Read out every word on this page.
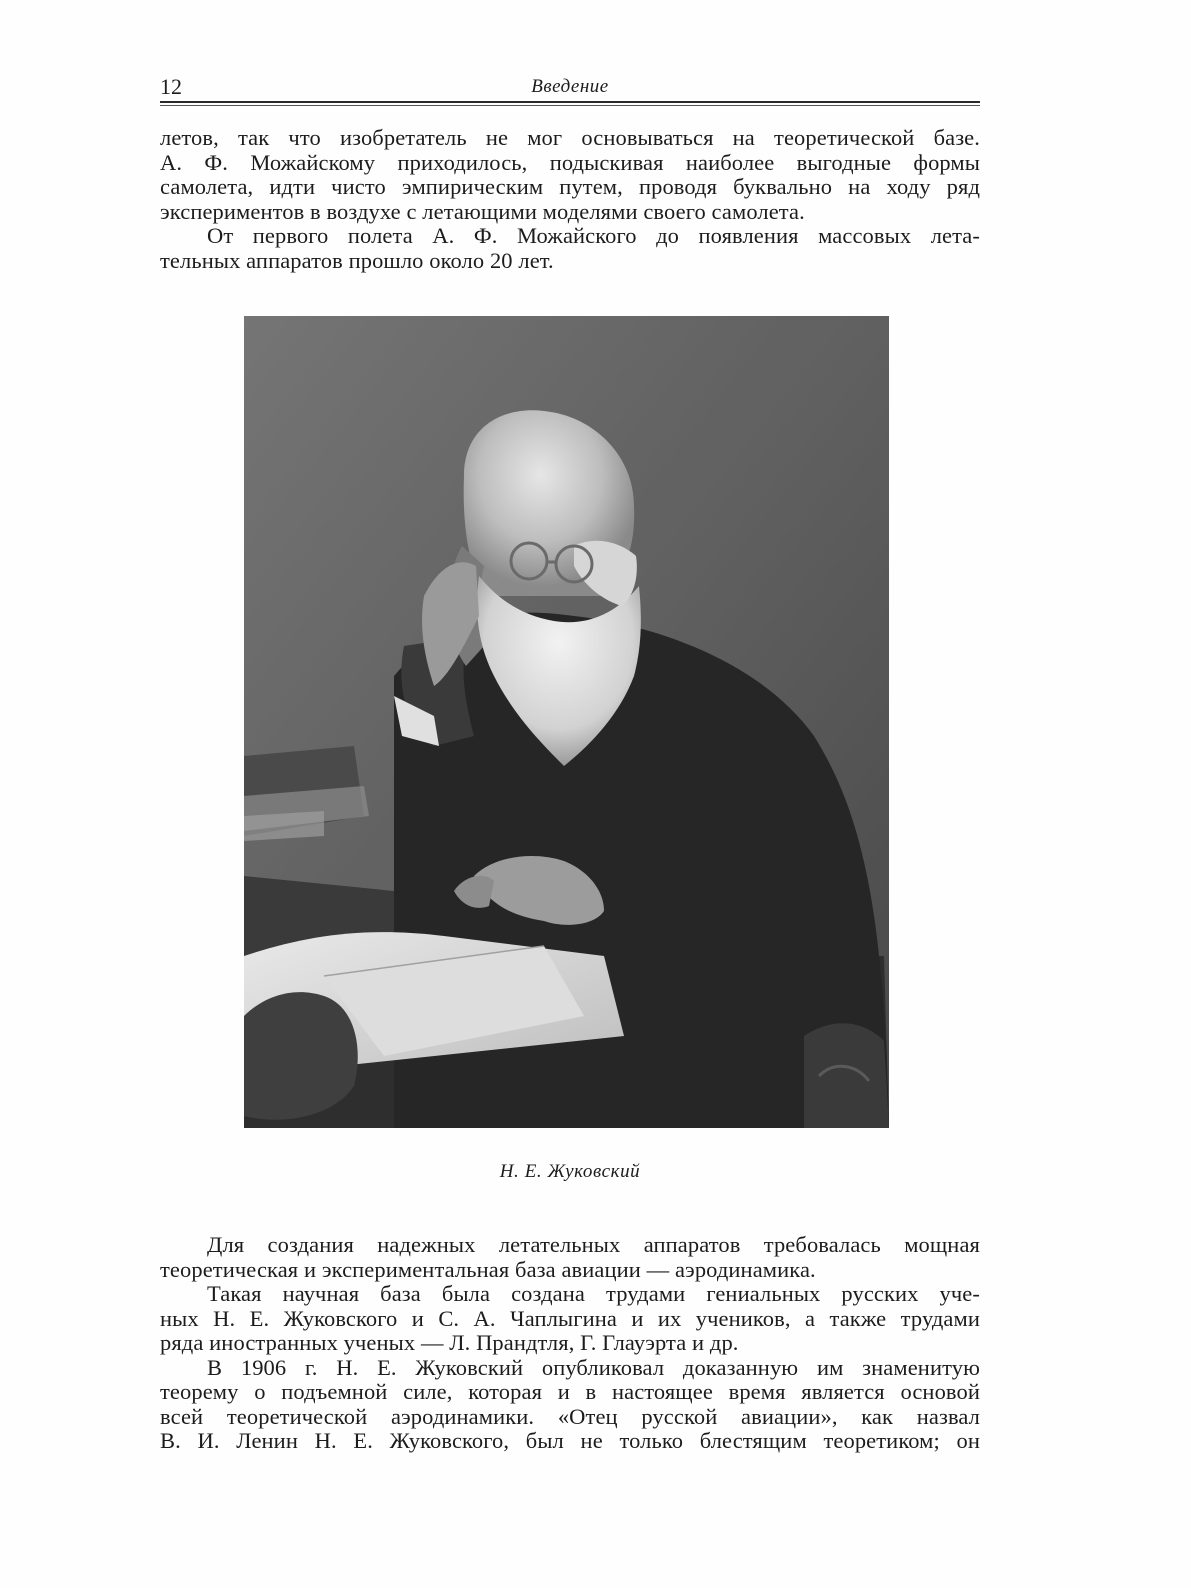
12	Введение

летов, так что изобретатель не мог основываться на теоретической базе.

А. Ф. Можайскому приходилось, подыскивая наиболее выгодные формы

самолета, идти чисто эмпирическим путем, проводя буквально на ходу ряд

экспериментов в воздухе с летающими моделями своего самолета.

От первого полета А. Ф. Можайского до появления массовых лета-

тельных аппаратов прошло около 20 лет.

Н. Е. Жуковский

Для создания надежных летательных аппаратов требовалась мощная

теоретическая и экспериментальная база авиации — аэродинамика.

Такая научная база была создана трудами гениальных русских уче-

ных Н. Е. Жуковского и С. А. Чаплыгина и их учеников, а также трудами

ряда иностранных ученых — Л. Прандтля, Г. Глауэрта и др.

В 1906 г. Н. Е. Жуковский опубликовал доказанную им знаменитую

теорему о подъемной силе, которая и в настоящее время является основой

всей теоретической аэродинамики. «Отец русской авиации», как назвал

В. И. Ленин Н. Е. Жуковского, был не только блестящим теоретиком; он
